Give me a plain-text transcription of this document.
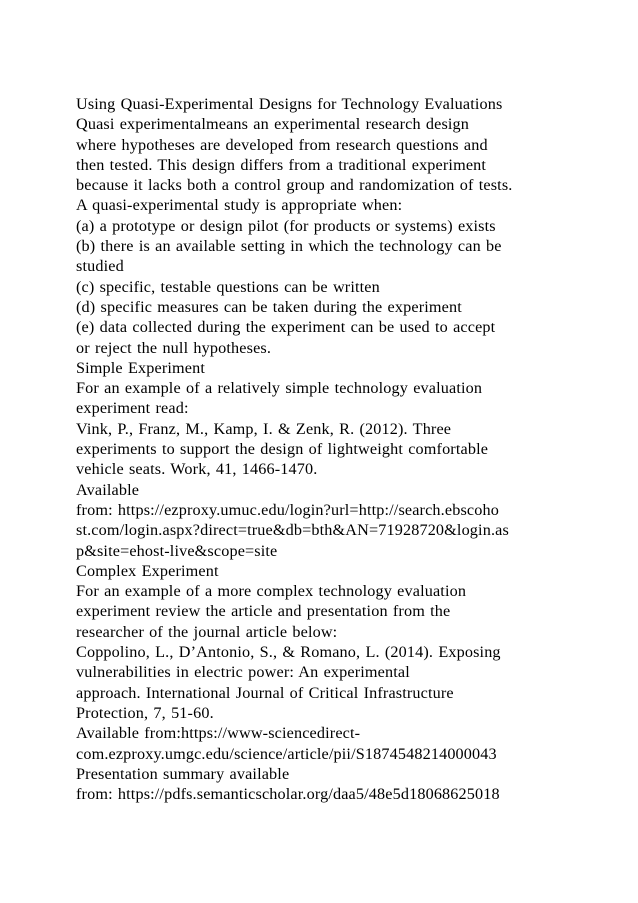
Using Quasi-Experimental Designs for Technology Evaluations
Quasi experimentalmeans an experimental research design
where hypotheses are developed from research questions and
then tested. This design differs from a traditional experiment
because it lacks both a control group and randomization of tests.
A quasi-experimental study is appropriate when:
(a) a prototype or design pilot (for products or systems) exists
(b) there is an available setting in which the technology can be
studied
(c) specific, testable questions can be written
(d) specific measures can be taken during the experiment
(e) data collected during the experiment can be used to accept
or reject the null hypotheses.
Simple Experiment
For an example of a relatively simple technology evaluation
experiment read:
Vink, P., Franz, M., Kamp, I. & Zenk, R. (2012). Three
experiments to support the design of lightweight comfortable
vehicle seats. Work, 41, 1466-1470.
Available
from: https://ezproxy.umuc.edu/login?url=http://search.ebscoho
st.com/login.aspx?direct=true&db=bth&AN=71928720&login.as
p&site=ehost-live&scope=site
Complex Experiment
For an example of a more complex technology evaluation
experiment review the article and presentation from the
researcher of the journal article below:
Coppolino, L., D’Antonio, S., & Romano, L. (2014). Exposing
vulnerabilities in electric power: An experimental
approach. International Journal of Critical Infrastructure
Protection, 7, 51-60.
Available from:https://www-sciencedirect-
com.ezproxy.umgc.edu/science/article/pii/S1874548214000043
Presentation summary available
from: https://pdfs.semanticscholar.org/daa5/48e5d18068625018
